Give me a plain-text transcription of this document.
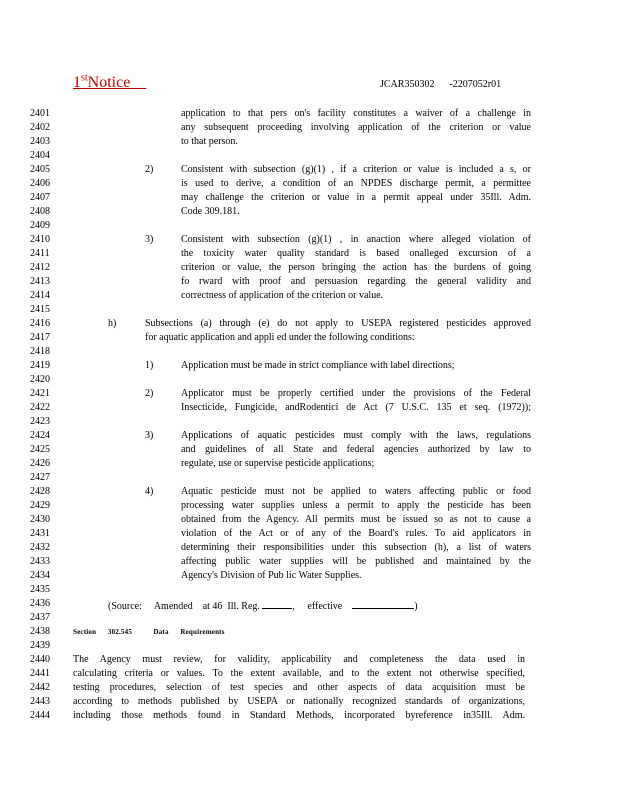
1stNotice	JCAR350302      -2207052r01
2401	application to that pers on's facility constitutes a waiver of a challenge in
2402	any subsequent proceeding involving application of the criterion or value
2403	to that person.
2404
2405	2)	Consistent with subsection (g)(1) , if a criterion or value is included a s, or
2406	is used to derive, a condition of an NPDES discharge permit, a permittee
2407	may challenge the criterion or value in a permit appeal under 35Ill. Adm.
2408	Code 309.181.
2409
2410	3)	Consistent with subsection (g)(1) , in anaction where alleged violation of
2411	the toxicity water quality standard is based onalleged excursion of a
2412	criterion or value, the person bringing the action has the burdens of going
2413	fo rward with proof and persuasion regarding the general validity and
2414	correctness of application of the criterion or value.
2415
2416	h)	Subsections (a) through (e) do not apply to USEPA registered pesticides approved
2417	for aquatic application and appli ed under the following conditions:
2418
2419	1)	Application must be made in strict compliance with label directions;
2420
2421	2)	Applicator must be properly certified under the provisions of the Federal
2422	Insecticide, Fungicide, andRodentici de Act (7 U.S.C. 135 et seq. (1972));
2423
2424	3)	Applications of aquatic pesticides must comply with the laws, regulations
2425	and guidelines of all State and federal agencies authorized by law to
2426	regulate, use or supervise pesticide applications;
2427
2428	4)	Aquatic pesticide must not be applied to waters affecting public or food
2429	processing water supplies unless a permit to apply the pesticide has been
2430	obtained from the Agency. All permits must be issued so as not to cause a
2431	violation of the Act or of any of the Board's rules. To aid applicators in
2432	determining their responsibilities under this subsection (h), a list of waters
2433	affecting public water supplies will be published and maintained by the
2434	Agency's Division of Pub lic Water Supplies.
2435
2436	(Source:     Amended    at 46  Ill. Reg.	,     effective	)
2437
2438	Section      302.545           Data      Requirements
2439
2440	The Agency must review, for validity, applicability and completeness the data used in
2441	calculating criteria or values. To the extent available, and to the extent not otherwise specified,
2442	testing procedures, selection of test species and other aspects of data acquisition must be
2443	according to methods published by USEPA or nationally recognized standards of organizations,
2444	including those methods found in Standard Methods, incorporated byreference in35Ill. Adm.
